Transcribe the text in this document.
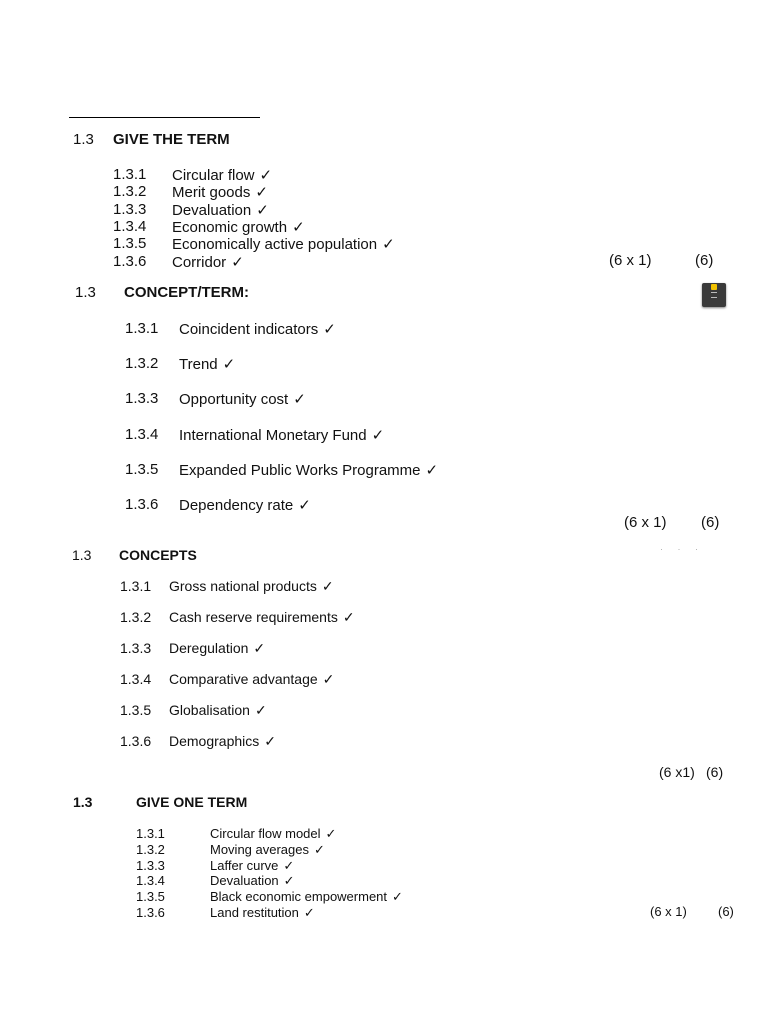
· · ·
1.3 GIVE THE TERM
1.3.1 Circular flow ✓
1.3.2 Merit goods ✓
1.3.3 Devaluation ✓
1.3.4 Economic growth ✓
1.3.5 Economically active population ✓
1.3.6 Corridor ✓	(6 x 1)	(6)
1.3 CONCEPT/TERM:
1.3.1 Coincident indicators ✓
1.3.2 Trend ✓
1.3.3 Opportunity cost ✓
1.3.4 International Monetary Fund ✓
1.3.5 Expanded Public Works Programme ✓
1.3.6 Dependency rate ✓
(6 x 1) (6)
1.3 CONCEPTS
1.3.1 Gross national products ✓
1.3.2 Cash reserve requirements ✓
1.3.3 Deregulation ✓
1.3.4 Comparative advantage ✓
1.3.5 Globalisation ✓
1.3.6 Demographics ✓
(6 x1) (6)
1.3	GIVE ONE TERM
1.3.1	Circular flow model ✓
1.3.2	Moving averages ✓
1.3.3	Laffer curve ✓
1.3.4	Devaluation ✓
1.3.5	Black economic empowerment ✓
1.3.6	Land restitution ✓	(6 x 1) (6)
